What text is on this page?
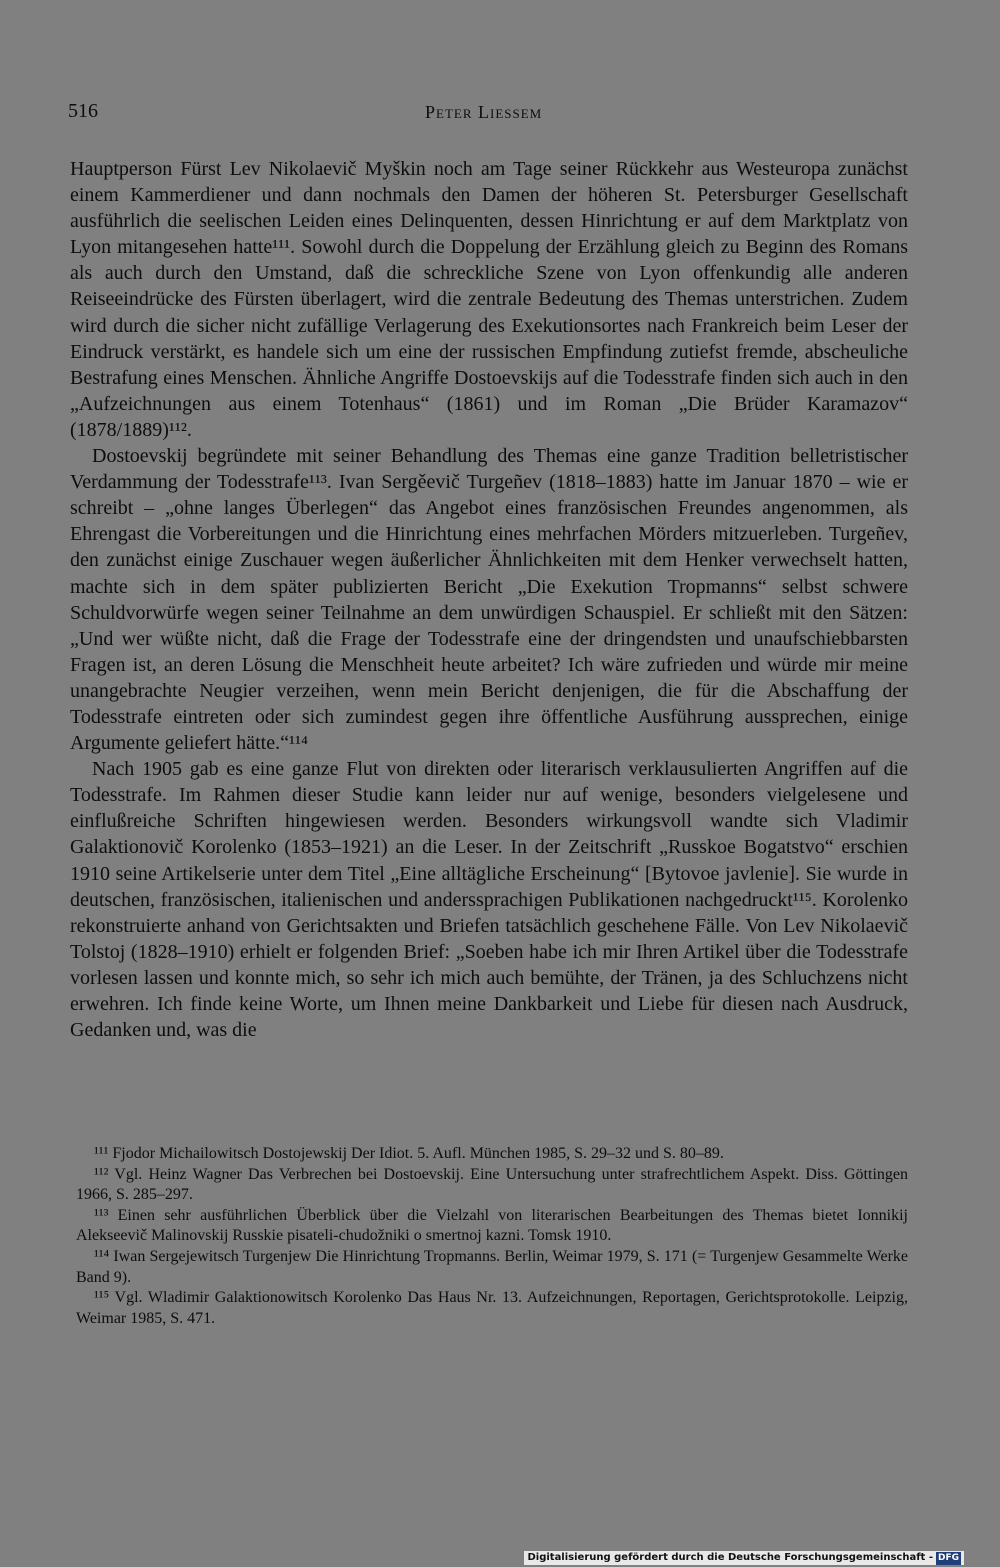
516	Peter Liessem

Hauptperson Fürst Lev Nikolaevič Myškin noch am Tage seiner Rückkehr aus Westeuropa zunächst einem Kammerdiener und dann nochmals den Damen der höheren St. Petersburger Gesellschaft ausführlich die seelischen Leiden eines Delinquenten, dessen Hinrichtung er auf dem Marktplatz von Lyon mitangesehen hatte¹¹¹. Sowohl durch die Doppelung der Erzählung gleich zu Beginn des Romans als auch durch den Umstand, daß die schreckliche Szene von Lyon offenkundig alle anderen Reiseeindrücke des Fürsten überlagert, wird die zentrale Bedeutung des Themas unterstrichen. Zudem wird durch die sicher nicht zufällige Verlagerung des Exekutionsortes nach Frankreich beim Leser der Eindruck verstärkt, es handele sich um eine der russischen Empfindung zutiefst fremde, abscheuliche Bestrafung eines Menschen. Ähnliche Angriffe Dostoevskijs auf die Todesstrafe finden sich auch in den „Aufzeichnungen aus einem Totenhaus“ (1861) und im Roman „Die Brüder Karamazov“ (1878/1889)¹¹².

Dostoevskij begründete mit seiner Behandlung des Themas eine ganze Tradition belletristischer Verdammung der Todesstrafe¹¹³. Ivan Sergěevič Turgeñev (1818–1883) hatte im Januar 1870 – wie er schreibt – „ohne langes Überlegen“ das Angebot eines französischen Freundes angenommen, als Ehrengast die Vorbereitungen und die Hinrichtung eines mehrfachen Mörders mitzuerleben. Turgeñev, den zunächst einige Zuschauer wegen äußerlicher Ähnlichkeiten mit dem Henker verwechselt hatten, machte sich in dem später publizierten Bericht „Die Exekution Tropmanns“ selbst schwere Schuldvorwürfe wegen seiner Teilnahme an dem unwürdigen Schauspiel. Er schließt mit den Sätzen: „Und wer wüßte nicht, daß die Frage der Todesstrafe eine der dringendsten und unaufschiebbarsten Fragen ist, an deren Lösung die Menschheit heute arbeitet? Ich wäre zufrieden und würde mir meine unangebrachte Neugier verzeihen, wenn mein Bericht denjenigen, die für die Abschaffung der Todesstrafe eintreten oder sich zumindest gegen ihre öffentliche Ausführung aussprechen, einige Argumente geliefert hätte.“¹¹⁴

Nach 1905 gab es eine ganze Flut von direkten oder literarisch verklausulierten Angriffen auf die Todesstrafe. Im Rahmen dieser Studie kann leider nur auf wenige, besonders vielgelesene und einflußreiche Schriften hingewiesen werden. Besonders wirkungsvoll wandte sich Vladimir Galaktionovič Korolenko (1853–1921) an die Leser. In der Zeitschrift „Russkoe Bogatstvo“ erschien 1910 seine Artikelserie unter dem Titel „Eine alltägliche Erscheinung“ [Bytovoe javlenie]. Sie wurde in deutschen, französischen, italienischen und anderssprachigen Publikationen nachgedruckt¹¹⁵. Korolenko rekonstruierte anhand von Gerichtsakten und Briefen tatsächlich geschehene Fälle. Von Lev Nikolaevič Tolstoj (1828–1910) erhielt er folgenden Brief: „Soeben habe ich mir Ihren Artikel über die Todesstrafe vorlesen lassen und konnte mich, so sehr ich mich auch bemühte, der Tränen, ja des Schluchzens nicht erwehren. Ich finde keine Worte, um Ihnen meine Dankbarkeit und Liebe für diesen nach Ausdruck, Gedanken und, was die

¹¹¹ Fjodor Michailowitsch Dostojewskij Der Idiot. 5. Aufl. München 1985, S. 29–32 und S. 80–89.

¹¹² Vgl. Heinz Wagner Das Verbrechen bei Dostoevskij. Eine Untersuchung unter strafrechtlichem Aspekt. Diss. Göttingen 1966, S. 285–297.

¹¹³ Einen sehr ausführlichen Überblick über die Vielzahl von literarischen Bearbeitungen des Themas bietet Ionnikij Alekseevič Malinovskij Russkie pisateli-chudožniki o smertnoj kazni. Tomsk 1910.

¹¹⁴ Iwan Sergejewitsch Turgenjew Die Hinrichtung Tropmanns. Berlin, Weimar 1979, S. 171 (= Turgenjew Gesammelte Werke Band 9).

¹¹⁵ Vgl. Wladimir Galaktionowitsch Korolenko Das Haus Nr. 13. Aufzeichnungen, Reportagen, Gerichtsprotokolle. Leipzig, Weimar 1985, S. 471.

Digitalisierung gefördert durch die Deutsche Forschungsgemeinschaft - DFG
